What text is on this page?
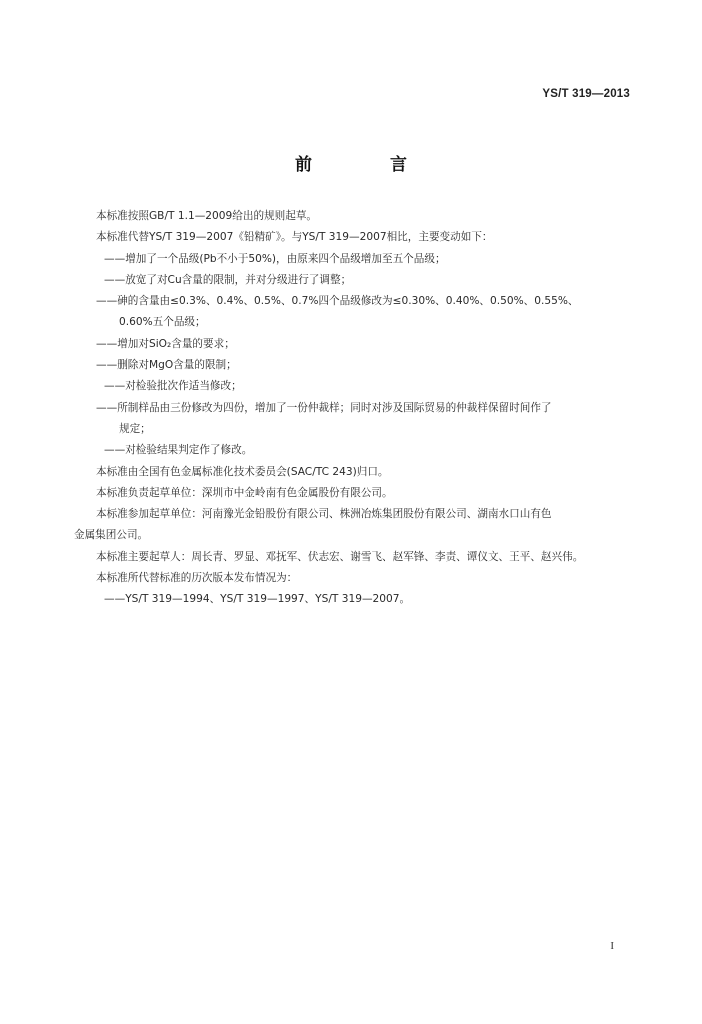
YS/T 319—2013
前 言
本标准按照GB/T 1.1—2009给出的规则起草。
本标准代替YS/T 319—2007《铅精矿》。与YS/T 319—2007相比，主要变动如下：
——增加了一个品级(Pb不小于50%)，由原来四个品级增加至五个品级；
——放宽了对Cu含量的限制，并对分级进行了调整；
——砷的含量由≤0.3%、0.4%、0.5%、0.7%四个品级修改为≤0.30%、0.40%、0.50%、0.55%、
0.60%五个品级；
——增加对SiO₂含量的要求；
——删除对MgO含量的限制；
——对检验批次作适当修改；
——所制样品由三份修改为四份，增加了一份仲裁样；同时对涉及国际贸易的仲裁样保留时间作了
规定；
——对检验结果判定作了修改。
本标准由全国有色金属标准化技术委员会(SAC/TC 243)归口。
本标准负责起草单位：深圳市中金岭南有色金属股份有限公司。
本标准参加起草单位：河南豫光金铅股份有限公司、株洲冶炼集团股份有限公司、湖南水口山有色
金属集团公司。
本标准主要起草人：周长青、罗显、邓抚军、伏志宏、谢雪飞、赵军锋、李责、谭仪文、王平、赵兴伟。
本标准所代替标准的历次版本发布情况为：
——YS/T 319—1994、YS/T 319—1997、YS/T 319—2007。
I
